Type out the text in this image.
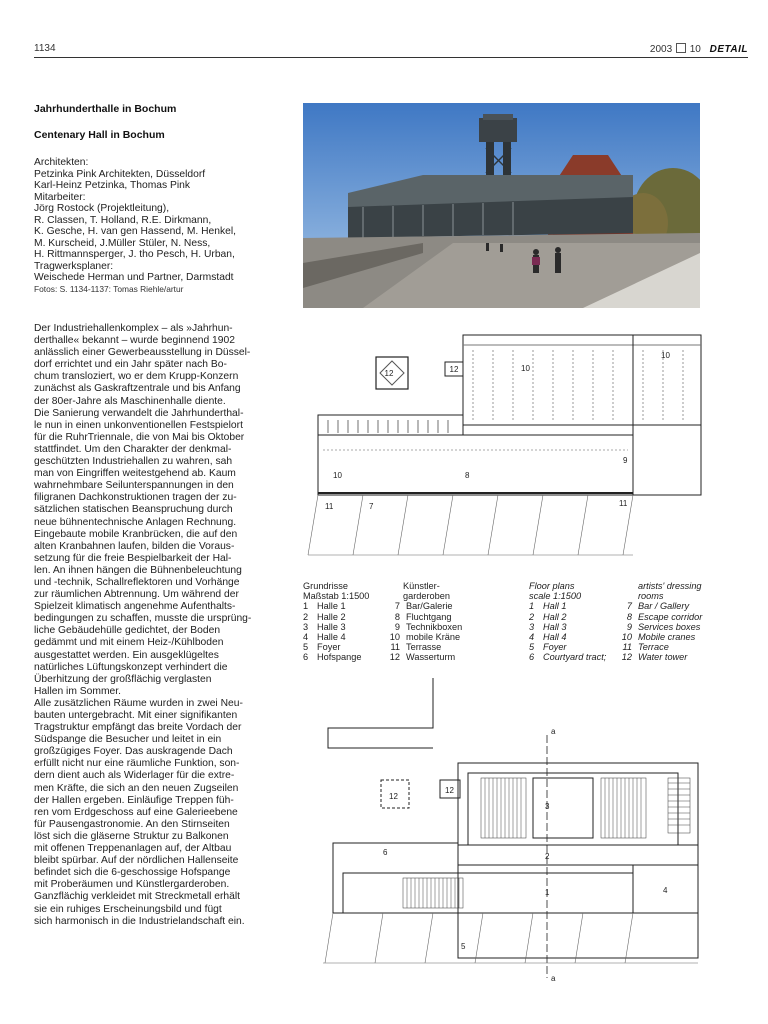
1134	2003 10 DETAIL
Jahrhunderthalle in Bochum
Centenary Hall in Bochum
Architekten:
Petzinka Pink Architekten, Düsseldorf
Karl-Heinz Petzinka, Thomas Pink
Mitarbeiter:
Jörg Rostock (Projektleitung),
R. Classen, T. Holland, R.E. Dirkmann,
K. Gesche, H. van gen Hassend, M. Henkel,
M. Kurscheid, J.Müller Stüler, N. Ness,
H. Rittmannsperger, J. tho Pesch, H. Urban,
Tragwerksplaner:
Weischede Herman und Partner, Darmstadt
Fotos: S. 1134-1137: Tomas Riehle/artur

Der Industriehallenkomplex – als »Jahrhun-

derthalle« bekannt – wurde beginnend 1902

anlässlich einer Gewerbeausstellung in Düssel-

dorf errichtet und ein Jahr später nach Bo-

chum transloziert, wo er dem Krupp-Konzern

zunächst als Gaskraftzentrale und bis Anfang

der 80er-Jahre als Maschinenhalle diente.

Die Sanierung verwandelt die Jahrhunderthal-

le nun in einen unkonventionellen Festspielort

für die RuhrTriennale, die von Mai bis Oktober

stattfindet. Um den Charakter der denkmal-

geschützten Industriehallen zu wahren, sah

man von Eingriffen weitestgehend ab. Kaum

wahrnehmbare Seilunterspannungen in den

filigranen Dachkonstruktionen tragen der zu-

sätzlichen statischen Beanspruchung durch

neue bühnentechnische Anlagen Rechnung.

Eingebaute mobile Kranbrücken, die auf den

alten Kranbahnen laufen, bilden die Voraus-

setzung für die freie Bespielbarkeit der Hal-

len. An ihnen hängen die Bühnenbeleuchtung

und -technik, Schallreflektoren und Vorhänge

zur räumlichen Abtrennung. Um während der

Spielzeit klimatisch angenehme Aufenthalts-

bedingungen zu schaffen, musste die ursprüng-

liche Gebäudehülle gedichtet, der Boden

gedämmt und mit einem Heiz-/Kühlboden

ausgestattet werden. Ein ausgeklügeltes

natürliches Lüftungskonzept verhindert die

Überhitzung der großflächig verglasten

Hallen im Sommer.

Alle zusätzlichen Räume wurden in zwei Neu-

bauten untergebracht. Mit einer signifikanten

Tragstruktur empfängt das breite Vordach der

Südspange die Besucher und leitet in ein

großzügiges Foyer. Das auskragende Dach

erfüllt nicht nur eine räumliche Funktion, son-

dern dient auch als Widerlager für die extre-

men Kräfte, die sich an den neuen Zugseilen

der Hallen ergeben. Einläufige Treppen füh-

ren vom Erdgeschoss auf eine Galerieebene

für Pausengastronomie. An den Stirnseiten

löst sich die gläserne Struktur zu Balkonen

mit offenen Treppenanlagen auf, der Altbau

bleibt spürbar. Auf der nördlichen Hallenseite

befindet sich die 6-geschossige Hofspange

mit Proberäumen und Künstlergarderoben.

Ganzflächig verkleidet mit Streckmetall erhält

sie ein ruhiges Erscheinungsbild und fügt

sich harmonisch in die Industrielandschaft ein.

12	12	10
10
10	8
9
7
11	11
Grundrisse
Maßstab 1:1500
1 Halle 1
2 Halle 2
3 Halle 3
4 Halle 4
5 Foyer
6 Hofspange
Künstler-
garderoben
7 Bar/Galerie
8 Fluchtgang
9 Technikboxen
10 mobile Kräne
11 Terrasse
12 Wasserturm
Floor plans
scale 1:1500
1 Hall 1
2 Hall 2
3 Hall 3
4 Hall 4
5 Foyer
6 Courtyard tract;
artists' dressing
rooms
7 Bar / Gallery
8 Escape corridor
9 Services boxes
10 Mobile cranes
11 Terrace
12 Water tower
a
a
12
12
3
2
1	4
5
6
